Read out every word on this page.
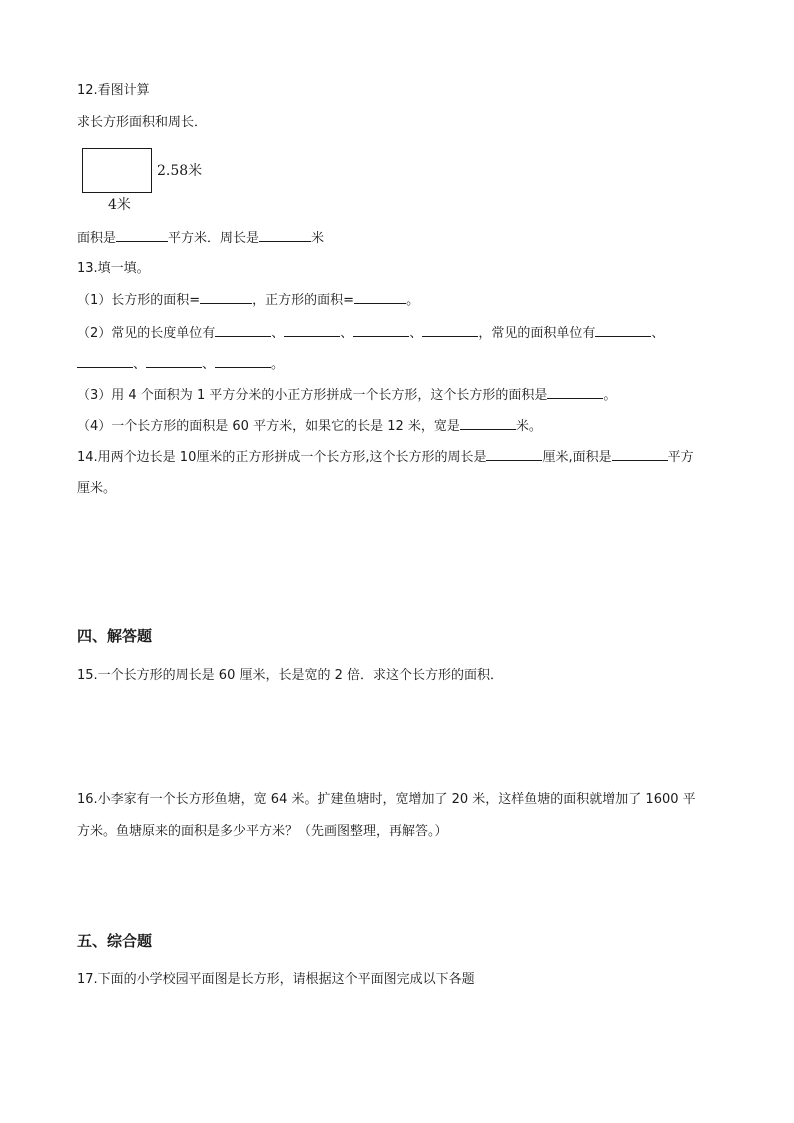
12.看图计算
求长方形面积和周长．
2.58米
4米
面积是	平方米．周长是	米
13.填一填。
（1）长方形的面积=	，正方形的面积=	。
（2）常见的长度单位有	、	、	、	，常见的面积单位有	、
、	、	。
（3）用 4 个面积为 1 平方分米的小正方形拼成一个长方形，这个长方形的面积是	。
（4）一个长方形的面积是 60 平方米，如果它的长是 12 米，宽是	米。
14.用两个边长是 10厘米的正方形拼成一个长方形,这个长方形的周长是	厘米,面积是	平方
厘米。
四、解答题
15.一个长方形的周长是 60 厘米，长是宽的 2 倍．求这个长方形的面积．
16.小李家有一个长方形鱼塘，宽 64 米。扩建鱼塘时，宽增加了 20 米，这样鱼塘的面积就增加了 1600 平
方米。鱼塘原来的面积是多少平方米？（先画图整理，再解答。）
五、综合题
17.下面的小学校园平面图是长方形，请根据这个平面图完成以下各题
